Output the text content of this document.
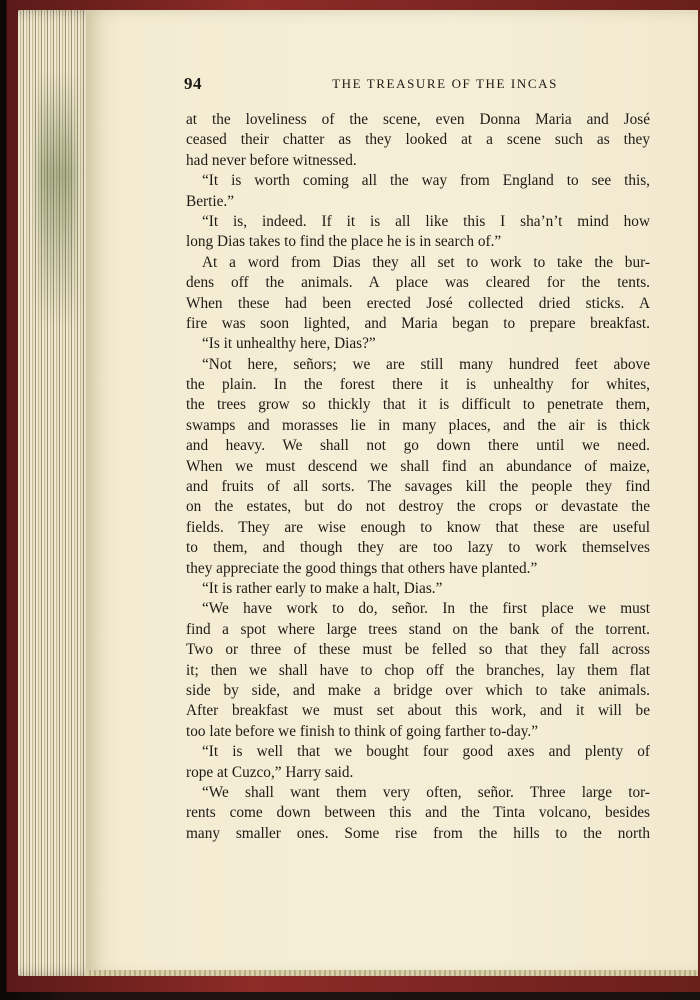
94	THE TREASURE OF THE INCAS
at the loveliness of the scene, even Donna Maria and José
ceased their chatter as they looked at a scene such as they
had never before witnessed.
“It is worth coming all the way from England to see this,
Bertie.”
“It is, indeed. If it is all like this I sha’n’t mind how
long Dias takes to find the place he is in search of.”
At a word from Dias they all set to work to take the bur-
dens off the animals. A place was cleared for the tents.
When these had been erected José collected dried sticks. A
fire was soon lighted, and Maria began to prepare breakfast.
“Is it unhealthy here, Dias?”
“Not here, señors; we are still many hundred feet above
the plain. In the forest there it is unhealthy for whites,
the trees grow so thickly that it is difficult to penetrate them,
swamps and morasses lie in many places, and the air is thick
and heavy. We shall not go down there until we need.
When we must descend we shall find an abundance of maize,
and fruits of all sorts. The savages kill the people they find
on the estates, but do not destroy the crops or devastate the
fields. They are wise enough to know that these are useful
to them, and though they are too lazy to work themselves
they appreciate the good things that others have planted.”
“It is rather early to make a halt, Dias.”
“We have work to do, señor. In the first place we must
find a spot where large trees stand on the bank of the torrent.
Two or three of these must be felled so that they fall across
it; then we shall have to chop off the branches, lay them flat
side by side, and make a bridge over which to take animals.
After breakfast we must set about this work, and it will be
too late before we finish to think of going farther to-day.”
“It is well that we bought four good axes and plenty of
rope at Cuzco,” Harry said.
“We shall want them very often, señor. Three large tor-
rents come down between this and the Tinta volcano, besides
many smaller ones. Some rise from the hills to the north
